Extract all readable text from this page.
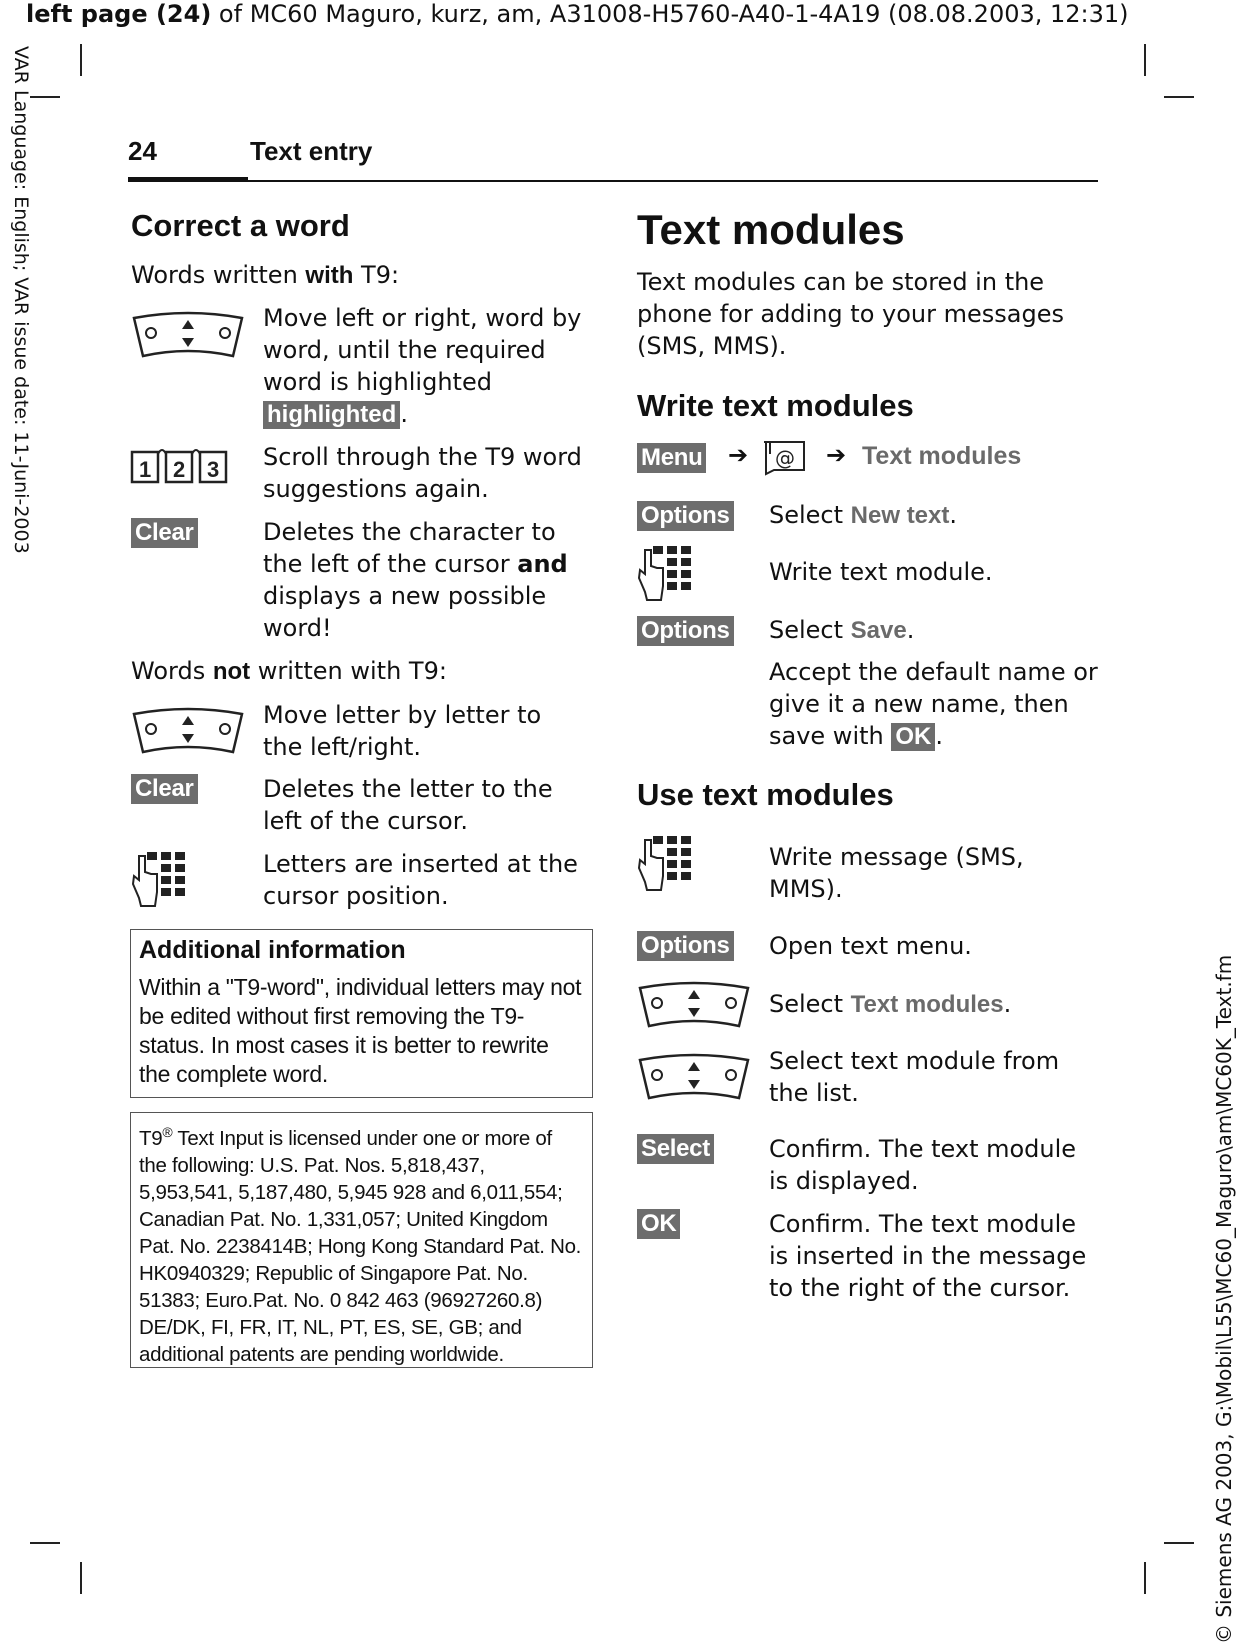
left page (24) of MC60 Maguro, kurz, am, A31008-H5760-A40-1-4A19 (08.08.2003, 12:31)
VAR Language: English; VAR issue date: 11-Juni-2003
© Siemens AG 2003, G:\Mobil\L55\MC60_Maguro\am\MC60K_Text.fm
24	Text entry
Correct a word
Words written with T9:
Move left or right, word by word, until the required word is highlighted highlighted .
1 2 3 Scroll through the T9 word suggestions again.
Clear	Deletes the character to the left of the cursor and displays a new possible word!
Words not written with T9:
Move letter by letter to the left/right.
Clear	Deletes the letter to the left of the cursor.
Letters are inserted at the cursor position.
Additional information
Within a "T9-word", individual letters may not be edited without first removing the T9-status. In most cases it is better to rewrite the complete word.
T9® Text Input is licensed under one or more of the following: U.S. Pat. Nos. 5,818,437, 5,953,541, 5,187,480, 5,945 928 and 6,011,554; Canadian Pat. No. 1,331,057; United Kingdom Pat. No. 2238414B; Hong Kong Standard Pat. No. HK0940329; Republic of Singapore Pat. No. 51383; Euro.Pat. No. 0 842 463 (96927260.8) DE/DK, FI, FR, IT, NL, PT, ES, SE, GB; and additional patents are pending worldwide.
Text modules
Text modules can be stored in the phone for adding to your messages (SMS, MMS).
Write text modules
Menu ➔ @ ➔ Text modules
Options Select New text.
Write text module.
Options Select Save.
Accept the default name or give it a new name, then save with OK .
Use text modules
Write message (SMS, MMS).
Options Open text menu.
Select Text modules.
Select text module from the list.
Select Confirm. The text module is displayed.
OK	Confirm. The text module is inserted in the message to the right of the cursor.
